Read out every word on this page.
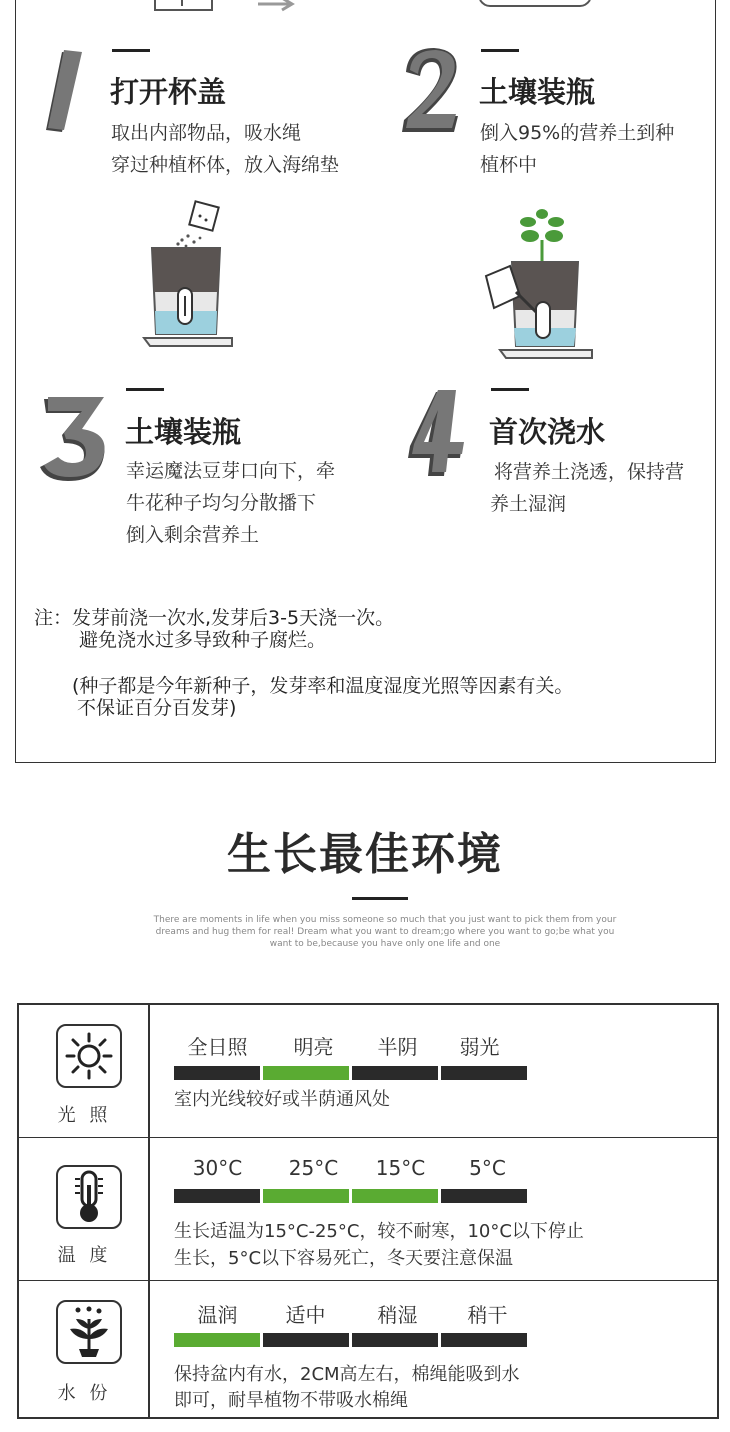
打开杯盖
取出内部物品，吸水绳
穿过种植杯体，放入海绵垫
土壤装瓶
倒入95%的营养土到种
植杯中
土壤装瓶
幸运魔法豆芽口向下，牵
牛花种子均匀分散播下
倒入剩余营养土
首次浇水
将营养土浇透，保持营
养土湿润
注：发芽前浇一次水,发芽后3-5天浇一次。
避免浇水过多导致种子腐烂。
(种子都是今年新种子，发芽率和温度湿度光照等因素有关。
不保证百分百发芽)
生长最佳环境
There are moments in life when you miss someone so much that you just want to pick them from your
dreams and hug them for real! Dream what you want to dream;go where you want to go;be what you
want to be,because you have only one life and one
光 照
全日照	明亮	半阴	弱光
室内光线较好或半荫通风处
温 度
30°C	25°C	15°C	5°C
生长适温为15°C-25°C，较不耐寒，10°C以下停止
生长，5°C以下容易死亡，冬天要注意保温
水 份
温润	适中	稍湿	稍干
保持盆内有水，2CM高左右，棉绳能吸到水
即可，耐旱植物不带吸水棉绳
